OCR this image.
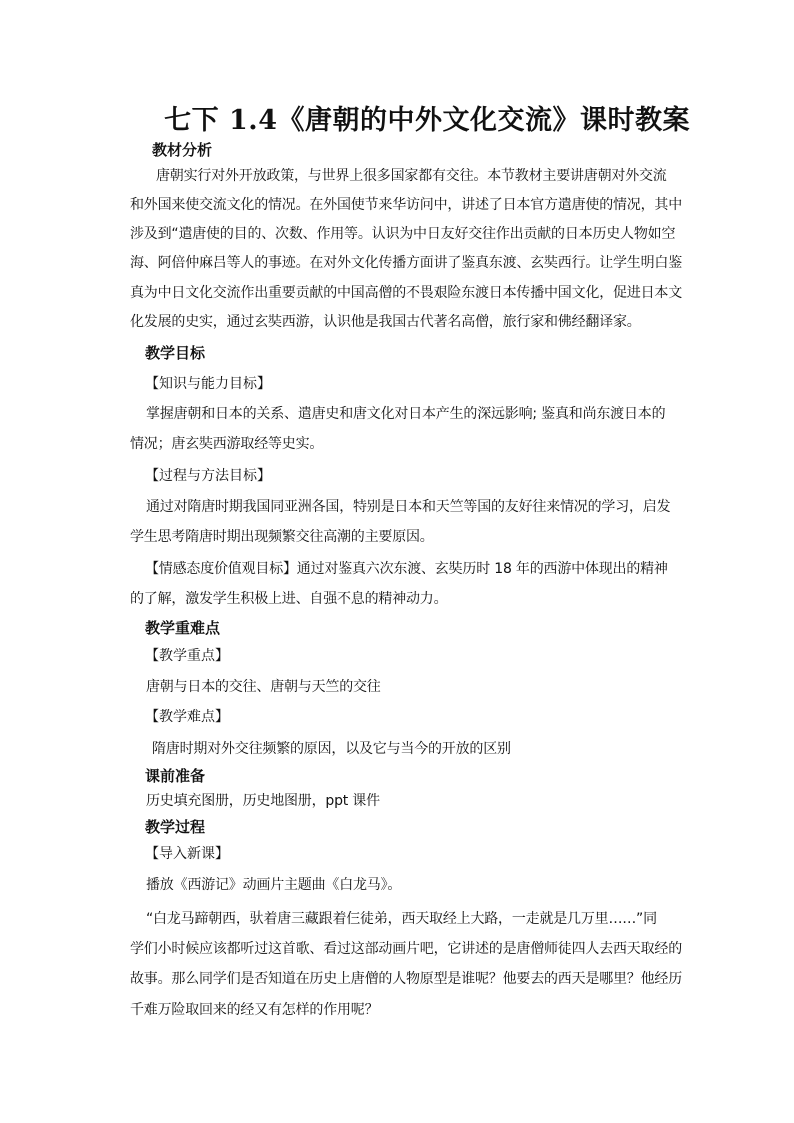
七下 1.4《唐朝的中外文化交流》课时教案
教材分析
唐朝实行对外开放政策，与世界上很多国家都有交往。本节教材主要讲唐朝对外交流
和外国来使交流文化的情况。在外国使节来华访问中，讲述了日本官方遣唐使的情况，其中
涉及到“遣唐使的目的、次数、作用等。认识为中日友好交往作出贡献的日本历史人物如空
海、阿倍仲麻吕等人的事迹。在对外文化传播方面讲了鉴真东渡、玄奘西行。让学生明白鉴
真为中日文化交流作出重要贡献的中国高僧的不畏艰险东渡日本传播中国文化，促进日本文
化发展的史实，通过玄奘西游，认识他是我国古代著名高僧，旅行家和佛经翻译家。
教学目标
【知识与能力目标】
掌握唐朝和日本的关系、遣唐史和唐文化对日本产生的深远影响; 鉴真和尚东渡日本的
情况；唐玄奘西游取经等史实。
【过程与方法目标】
通过对隋唐时期我国同亚洲各国，特别是日本和天竺等国的友好往来情况的学习，启发
学生思考隋唐时期出现频繁交往高潮的主要原因。
【情感态度价值观目标】通过对鉴真六次东渡、玄奘历时 18 年的西游中体现出的精神
的了解，激发学生积极上进、自强不息的精神动力。
教学重难点
【教学重点】
唐朝与日本的交往、唐朝与天竺的交往
【教学难点】
隋唐时期对外交往频繁的原因，以及它与当今的开放的区别
课前准备
历史填充图册，历史地图册，ppt 课件
教学过程
【导入新课】
播放《西游记》动画片主题曲《白龙马》。
“白龙马蹄朝西，驮着唐三藏跟着仨徒弟，西天取经上大路，一走就是几万里……”同
学们小时候应该都听过这首歌、看过这部动画片吧，它讲述的是唐僧师徒四人去西天取经的
故事。那么同学们是否知道在历史上唐僧的人物原型是谁呢？他要去的西天是哪里？他经历
千难万险取回来的经又有怎样的作用呢？
